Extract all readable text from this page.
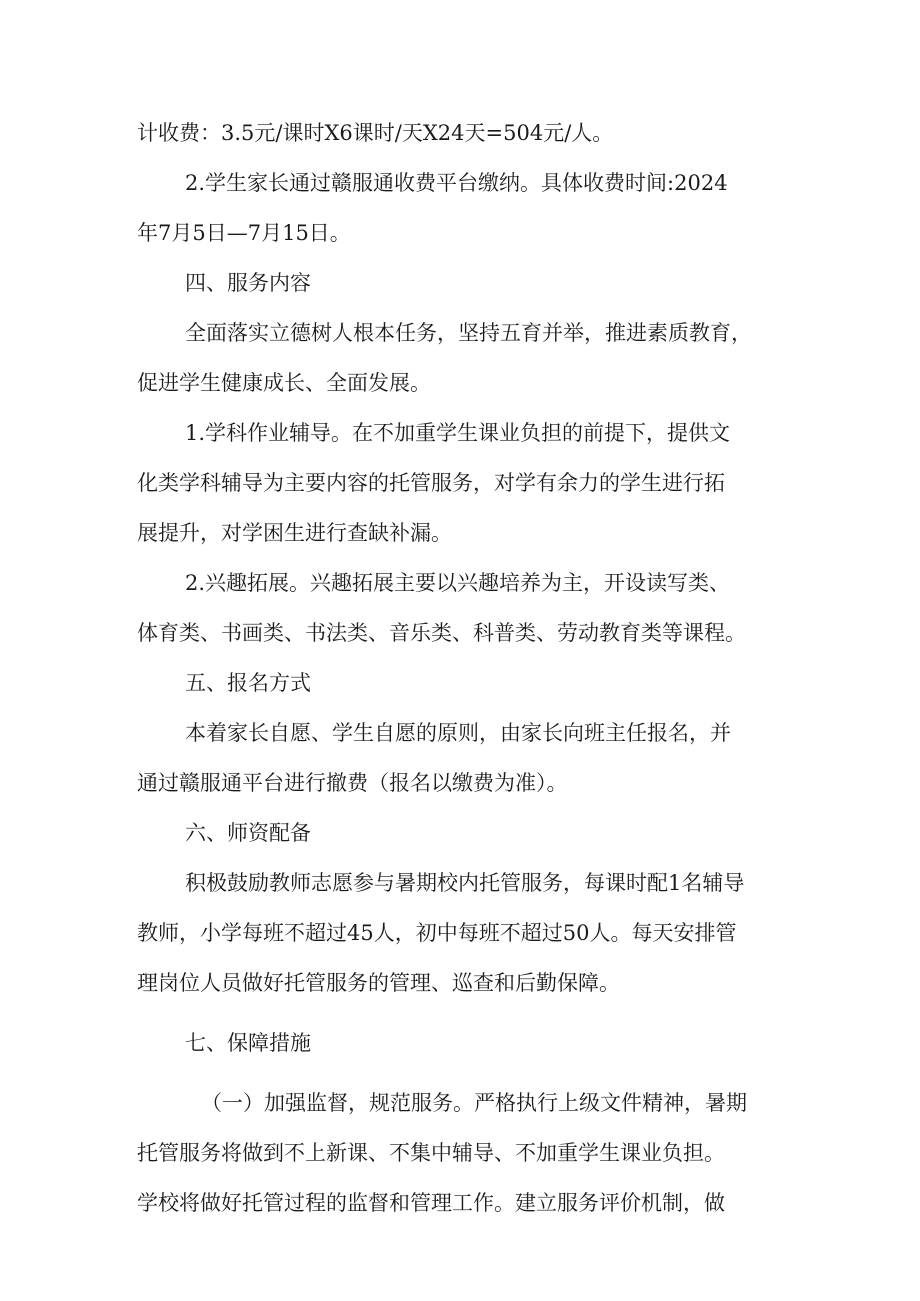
计收费：3.5元/课时X6课时/天X24天=504元/人。
2.学生家长通过赣服通收费平台缴纳。具体收费时间:2024
年7月5日—7月15日。
四、服务内容
全面落实立德树人根本任务，坚持五育并举，推进素质教育，
促进学生健康成长、全面发展。
1.学科作业辅导。在不加重学生课业负担的前提下，提供文
化类学科辅导为主要内容的托管服务，对学有余力的学生进行拓
展提升，对学困生进行查缺补漏。
2.兴趣拓展。兴趣拓展主要以兴趣培养为主，开设读写类、
体育类、书画类、书法类、音乐类、科普类、劳动教育类等课程。
五、报名方式
本着家长自愿、学生自愿的原则，由家长向班主任报名，并
通过赣服通平台进行撤费（报名以缴费为准）。
六、师资配备
积极鼓励教师志愿参与暑期校内托管服务，每课时配1名辅导
教师，小学每班不超过45人，初中每班不超过50人。每天安排管
理岗位人员做好托管服务的管理、巡查和后勤保障。
七、保障措施
（一）加强监督，规范服务。严格执行上级文件精神，暑期
托管服务将做到不上新课、不集中辅导、不加重学生课业负担。
学校将做好托管过程的监督和管理工作。建立服务评价机制，做
